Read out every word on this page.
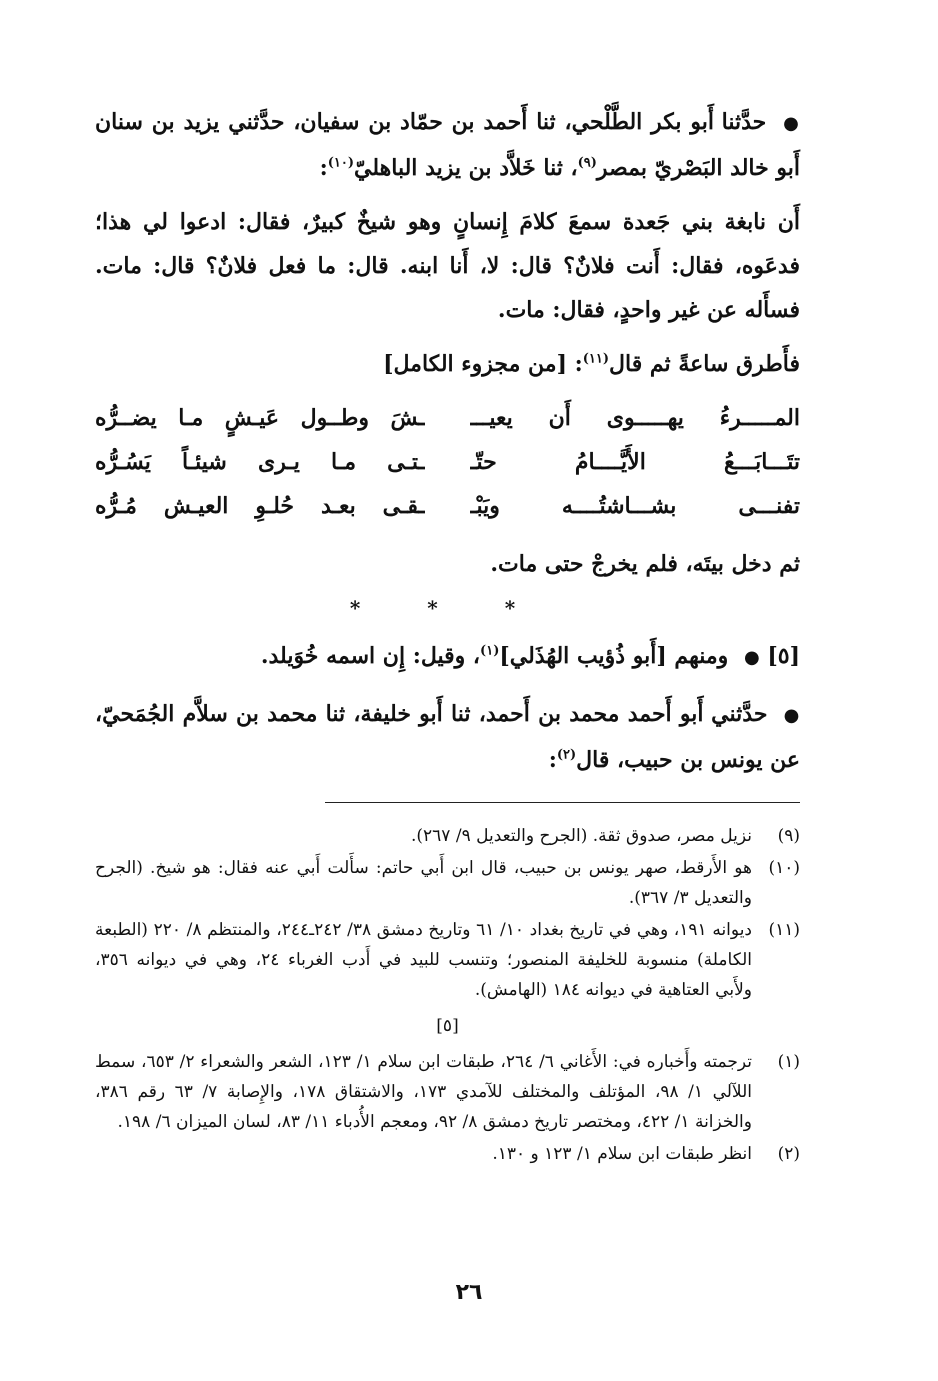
● حدَّثنا أَبو بكر الطَّلْحي، ثنا أَحمد بن حمّاد بن سفيان، حدَّثني يزيد بن سنان أَبو خالد البَصْريّ بمصر$^{(٩)}$، ثنا خَلاَّد بن يزيد الباهليّ$^{(١٠)}$:

أَن نابغة بني جَعدة سمعَ كلامَ إِنسانٍ وهو شيخٌ كبيرٌ، فقال: ادعوا لي هذا؛ فدعَوه، فقال: أَنت فلانٌ؟ قال: لا، أَنا ابنه. قال: ما فعل فلانٌ؟ قال: مات. فسأَله عن غير واحدٍ، فقال: مات.

فأَطرق ساعةً ثم قال$^{(١١)}$: [من مجزوء الكامل]

المـــــرءُ يهـــــوى أَن يعيـــ
ـشَ وطــول عَيـشٍ مـا يضــرُّه
تتَـــابَـــعُ الأَيَّــــامُ حتّـ
ـتـى مـا يـرى شيئـاً يَسُـرُّه
تفنـــى بشـــاشتُــــه ويَبْـ
ـقـى بعـد حُلـوِ العيـش مُـرُّه

ثم دخل بيتَه، فلم يخرجْ حتى مات.

* * *

[٥] ● ومنهم [أَبو ذُؤيب الهُذَلي]$^{(١)}$، وقيل: إِن اسمه خُوَيلد.

● حدَّثني أَبو أَحمد محمد بن أَحمد، ثنا أَبو خليفة، ثنا محمد بن سلاَّم الجُمَحيّ، عن يونس بن حبيب، قال$^{(٢)}$:

(٩)
نزيل مصر، صدوق ثقة. (الجرح والتعديل ٩/ ٢٦٧).
(١٠)
هو الأَرقط، صهر يونس بن حبيب، قال ابن أَبي حاتم: سأَلت أَبي عنه فقال: هو شيخ. (الجرح والتعديل ٣/ ٣٦٧).
(١١)
ديوانه ١٩١، وهي في تاريخ بغداد ١٠/ ٦١ وتاريخ دمشق ٣٨/ ٢٤٢ـ٢٤٤، والمنتظم ٨/ ٢٢٠ (الطبعة الكاملة) منسوبة للخليفة المنصور؛ وتنسب للبيد في أَدب الغرباء ٢٤، وهي في ديوانه ٣٥٦، ولأَبي العتاهية في ديوانه ١٨٤ (الهامش).
[٥]
(١)
ترجمته وأَخباره في: الأَغاني ٦/ ٢٦٤، طبقات ابن سلام ١/ ١٢٣، الشعر والشعراء ٢/ ٦٥٣، سمط اللآلي ١/ ٩٨، المؤتلف والمختلف للآمدي ١٧٣، والاشتقاق ١٧٨، والإِصابة ٧/ ٦٣ رقم ٣٨٦، والخزانة ١/ ٤٢٢، ومختصر تاريخ دمشق ٨/ ٩٢، ومعجم الأُدباء ١١/ ٨٣، لسان الميزان ٦/ ١٩٨.
(٢)
انظر طبقات ابن سلام ١/ ١٢٣ و ١٣٠.
٢٦
